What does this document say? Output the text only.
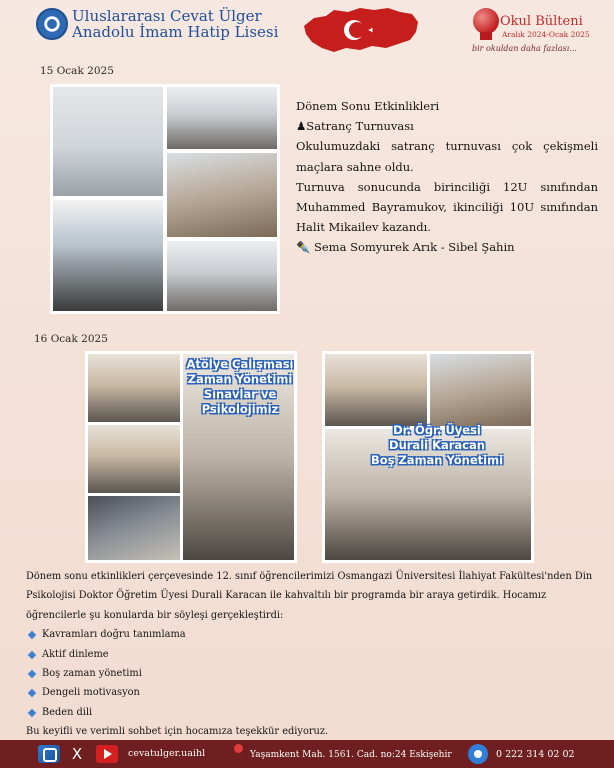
Uluslararası Cevat Ülger
Anadolu İmam Hatip Lisesi
Okul Bülteni
Aralık 2024-Ocak 2025
bir okuldan daha fazlası...
15 Ocak 2025

Dönem Sonu Etkinlikleri

♟Satranç Turnuvası

Okulumuzdaki satranç turnuvası çok çekişmeli maçlara sahne oldu.

Turnuva sonucunda birinciliği 12U sınıfından Muhammed Bayramukov, ikinciliği 10U sınıfından Halit Mikailev kazandı.

✒️ Sema Somyurek Arık - Sibel Şahin

16 Ocak 2025
Atölye Çalışması
Zaman Yönetimi
Sınavlar ve Psikolojimiz
Dr. Öğr. Üyesi
Durali Karacan
Boş Zaman Yönetimi
Dönem sonu etkinlikleri çerçevesinde 12. sınıf öğrencilerimizi Osmangazi Üniversitesi İlahiyat Fakültesi'nden Din Psikolojisi Doktor Öğretim Üyesi Durali Karacan ile kahvaltılı bir programda bir araya getirdik. Hocamız öğrencilerle şu konularda bir söyleşi gerçekleştirdi:
Kavramları doğru tanımlama
Aktif dinleme
Boş zaman yönetimi
Dengeli motivasyon
Beden dili
Bu keyifli ve verimli sohbet için hocamıza teşekkür ediyoruz.
X	cevatulger.uaihl	Yaşamkent Mah. 1561. Cad. no:24 Eskişehir	0 222 314 02 02
